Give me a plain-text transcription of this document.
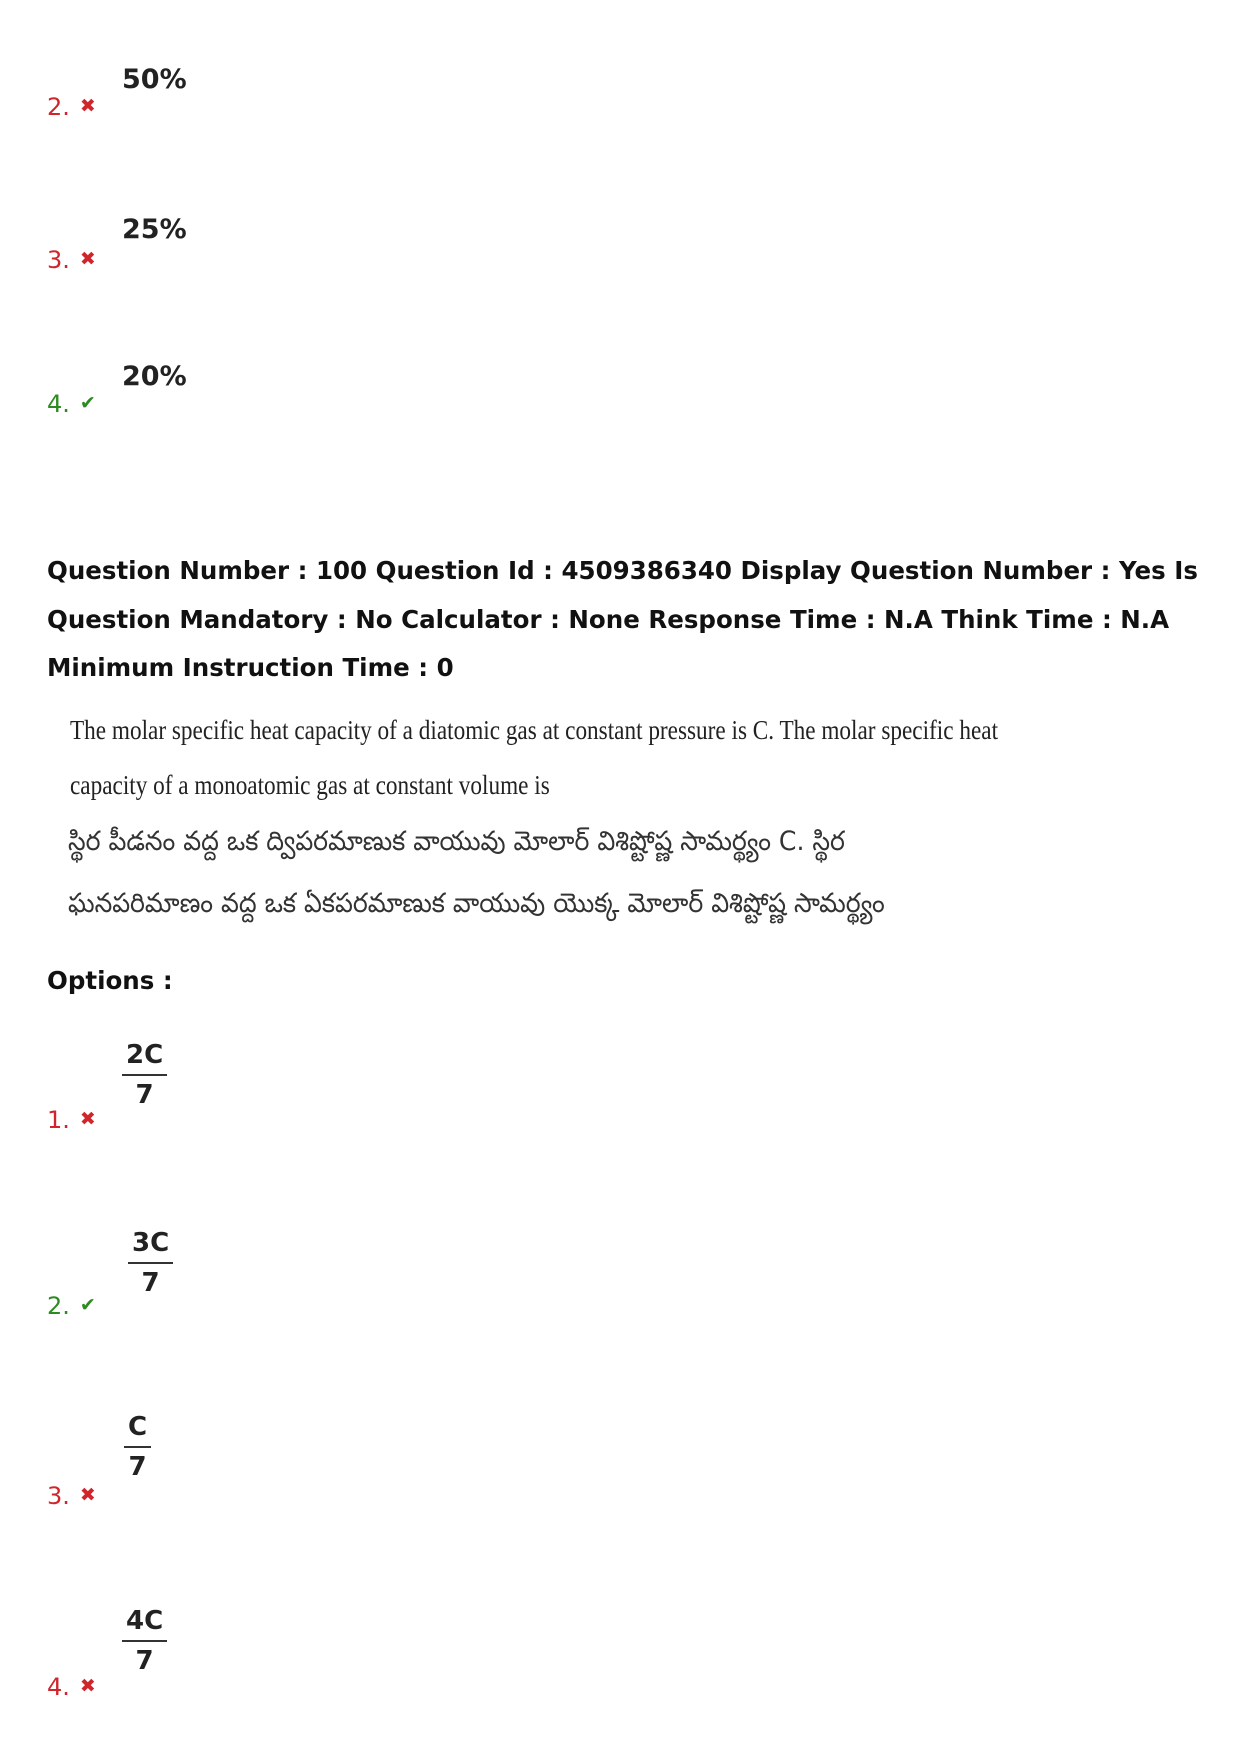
2. ✖
50%
3. ✖
25%
4. ✔
20%
Question Number : 100 Question Id : 4509386340 Display Question Number : Yes Is Question Mandatory : No Calculator : None Response Time : N.A Think Time : N.A Minimum Instruction Time : 0
The molar specific heat capacity of a diatomic gas at constant pressure is C. The molar specific heat
capacity of a monoatomic gas at constant volume is
స్థిర పీడనం వద్ద ఒక ద్విపరమాణుక వాయువు మోలార్ విశిష్టోష్ణ సామర్థ్యం C. స్థిర
ఘనపరిమాణం వద్ద ఒక ఏకపరమాణుక వాయువు యొక్క మోలార్ విశిష్టోష్ణ సామర్థ్యం
Options :
1. ✖
$\frac{2C}{7}$
2. ✔
$\frac{3C}{7}$
3. ✖
$\frac{C}{7}$
4. ✖
$\frac{4C}{7}$
